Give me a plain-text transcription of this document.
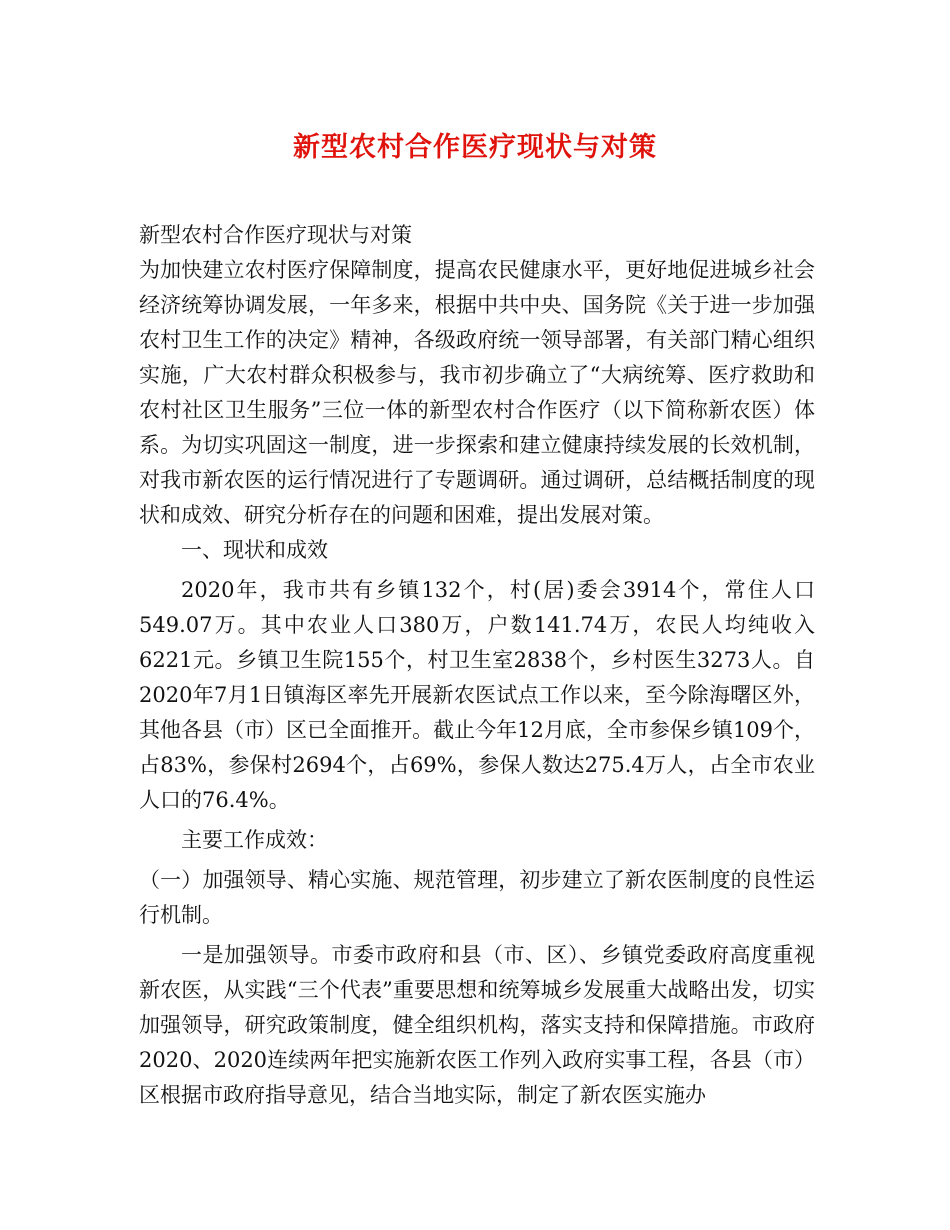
新型农村合作医疗现状与对策

新型农村合作医疗现状与对策

为加快建立农村医疗保障制度，提高农民健康水平，更好地促进城乡社会经济统筹协调发展，一年多来，根据中共中央、国务院《关于进一步加强农村卫生工作的决定》精神，各级政府统一领导部署，有关部门精心组织实施，广大农村群众积极参与，我市初步确立了“大病统筹、医疗救助和农村社区卫生服务”三位一体的新型农村合作医疗（以下简称新农医）体系。为切实巩固这一制度，进一步探索和建立健康持续发展的长效机制，对我市新农医的运行情况进行了专题调研。通过调研，总结概括制度的现状和成效、研究分析存在的问题和困难，提出发展对策。

一、现状和成效

2020年，我市共有乡镇132个，村(居)委会3914个，常住人口549.07万。其中农业人口380万，户数141.74万，农民人均纯收入6221元。乡镇卫生院155个，村卫生室2838个，乡村医生3273人。自2020年7月1日镇海区率先开展新农医试点工作以来，至今除海曙区外，其他各县（市）区已全面推开。截止今年12月底，全市参保乡镇109个，占83%，参保村2694个，占69%，参保人数达275.4万人，占全市农业人口的76.4%。

主要工作成效：

（一）加强领导、精心实施、规范管理，初步建立了新农医制度的良性运行机制。

一是加强领导。市委市政府和县（市、区）、乡镇党委政府高度重视新农医，从实践“三个代表”重要思想和统筹城乡发展重大战略出发，切实加强领导，研究政策制度，健全组织机构，落实支持和保障措施。市政府2020、2020连续两年把实施新农医工作列入政府实事工程，各县（市）区根据市政府指导意见，结合当地实际，制定了新农医实施办
